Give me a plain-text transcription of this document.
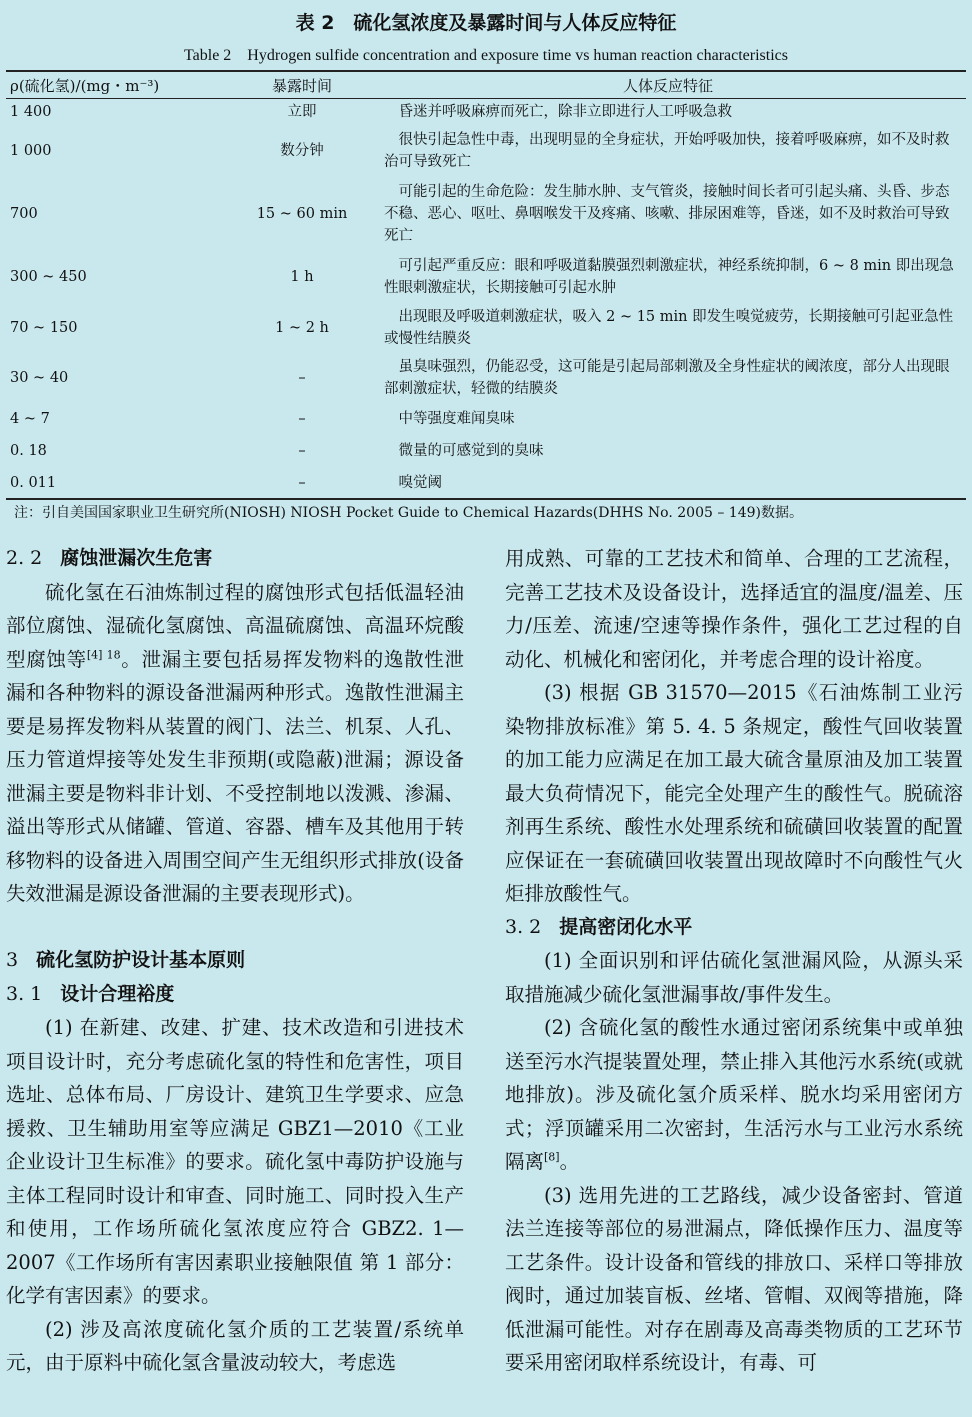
表 2　硫化氢浓度及暴露时间与人体反应特征
Table 2　Hydrogen sulfide concentration and exposure time vs human reaction characteristics
ρ(硫化氢)/(mg・m⁻³)	暴露时间	人体反应特征
1 400	立即	昏迷并呼吸麻痹而死亡，除非立即进行人工呼吸急救

1 000	数分钟	很快引起急性中毒，出现明显的全身症状，开始呼吸加快，接着呼吸麻痹，如不及时救治可导致死亡

700	15 ~ 60 min	可能引起的生命危险：发生肺水肿、支气管炎，接触时间长者可引起头痛、头昏、步态不稳、恶心、呕吐、鼻咽喉发干及疼痛、咳嗽、排尿困难等，昏迷，如不及时救治可导致死亡

300 ~ 450	1 h	可引起严重反应：眼和呼吸道黏膜强烈刺激症状，神经系统抑制，6 ~ 8 min 即出现急性眼刺激症状，长期接触可引起水肿

70 ~ 150	1 ~ 2 h	出现眼及呼吸道刺激症状，吸入 2 ~ 15 min 即发生嗅觉疲劳，长期接触可引起亚急性或慢性结膜炎

30 ~ 40	–	虽臭味强烈，仍能忍受，这可能是引起局部刺激及全身性症状的阈浓度，部分人出现眼部刺激症状，轻微的结膜炎

4 ~ 7	–	中等强度难闻臭味

0. 18	–	微量的可感觉到的臭味

0. 011	–	嗅觉阈
注：引自美国国家职业卫生研究所(NIOSH) NIOSH Pocket Guide to Chemical Hazards(DHHS No. 2005 – 149)数据。
2. 2 腐蚀泄漏次生危害

硫化氢在石油炼制过程的腐蚀形式包括低温轻油部位腐蚀、湿硫化氢腐蚀、高温硫腐蚀、高温环烷酸型腐蚀等$^{[4] 18}$。泄漏主要包括易挥发物料的逸散性泄漏和各种物料的源设备泄漏两种形式。逸散性泄漏主要是易挥发物料从装置的阀门、法兰、机泵、人孔、压力管道焊接等处发生非预期(或隐蔽)泄漏；源设备泄漏主要是物料非计划、不受控制地以泼溅、渗漏、溢出等形式从储罐、管道、容器、槽车及其他用于转移物料的设备进入周围空间产生无组织形式排放(设备失效泄漏是源设备泄漏的主要表现形式)。

3 硫化氢防护设计基本原则
3. 1 设计合理裕度

(1) 在新建、改建、扩建、技术改造和引进技术项目设计时，充分考虑硫化氢的特性和危害性，项目选址、总体布局、厂房设计、建筑卫生学要求、应急援救、卫生辅助用室等应满足 GBZ1—2010《工业企业设计卫生标准》的要求。硫化氢中毒防护设施与主体工程同时设计和审查、同时施工、同时投入生产和使用，工作场所硫化氢浓度应符合 GBZ2. 1—2007《工作场所有害因素职业接触限值 第 1 部分：化学有害因素》的要求。

(2) 涉及高浓度硫化氢介质的工艺装置/系统单元，由于原料中硫化氢含量波动较大，考虑选

用成熟、可靠的工艺技术和简单、合理的工艺流程，完善工艺技术及设备设计，选择适宜的温度/温差、压力/压差、流速/空速等操作条件，强化工艺过程的自动化、机械化和密闭化，并考虑合理的设计裕度。

(3) 根据 GB 31570—2015《石油炼制工业污染物排放标准》第 5. 4. 5 条规定，酸性气回收装置的加工能力应满足在加工最大硫含量原油及加工装置最大负荷情况下，能完全处理产生的酸性气。脱硫溶剂再生系统、酸性水处理系统和硫磺回收装置的配置应保证在一套硫磺回收装置出现故障时不向酸性气火炬排放酸性气。

3. 2 提高密闭化水平

(1) 全面识别和评估硫化氢泄漏风险，从源头采取措施减少硫化氢泄漏事故/事件发生。

(2) 含硫化氢的酸性水通过密闭系统集中或单独送至污水汽提装置处理，禁止排入其他污水系统(或就地排放)。涉及硫化氢介质采样、脱水均采用密闭方式；浮顶罐采用二次密封，生活污水与工业污水系统隔离[8]。

(3) 选用先进的工艺路线，减少设备密封、管道法兰连接等部位的易泄漏点，降低操作压力、温度等工艺条件。设计设备和管线的排放口、采样口等排放阀时，通过加装盲板、丝堵、管帽、双阀等措施，降低泄漏可能性。对存在剧毒及高毒类物质的工艺环节要采用密闭取样系统设计，有毒、可
